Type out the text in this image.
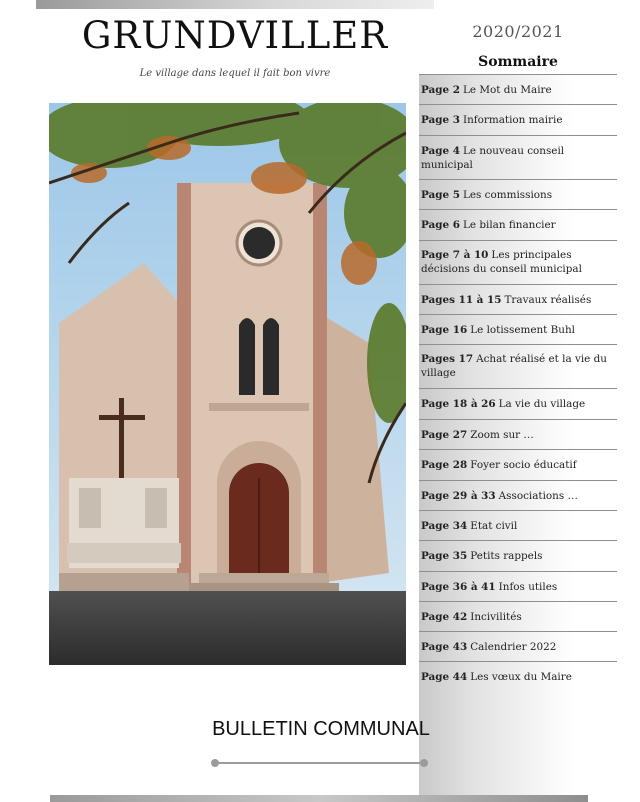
GRUNDVILLER
Le village dans lequel il fait bon vivre
2020/2021
Sommaire
Page 2 Le Mot du Maire
Page 3 Information mairie
Page 4 Le nouveau conseil municipal
Page 5 Les commissions
Page 6 Le bilan financier
Page 7 à 10 Les principales décisions du conseil municipal
Pages 11 à 15 Travaux réalisés
Page 16 Le lotissement Buhl
Pages 17 Achat réalisé et la vie du village
Page 18 à 26 La vie du village
Page 27 Zoom sur …
Page 28 Foyer socio éducatif
Page 29 à 33 Associations …
Page 34 Etat civil
Page 35 Petits rappels
Page 36 à 41 Infos utiles
Page 42 Incivilités
Page 43 Calendrier 2022
Page 44 Les vœux du Maire
BULLETIN COMMUNAL
